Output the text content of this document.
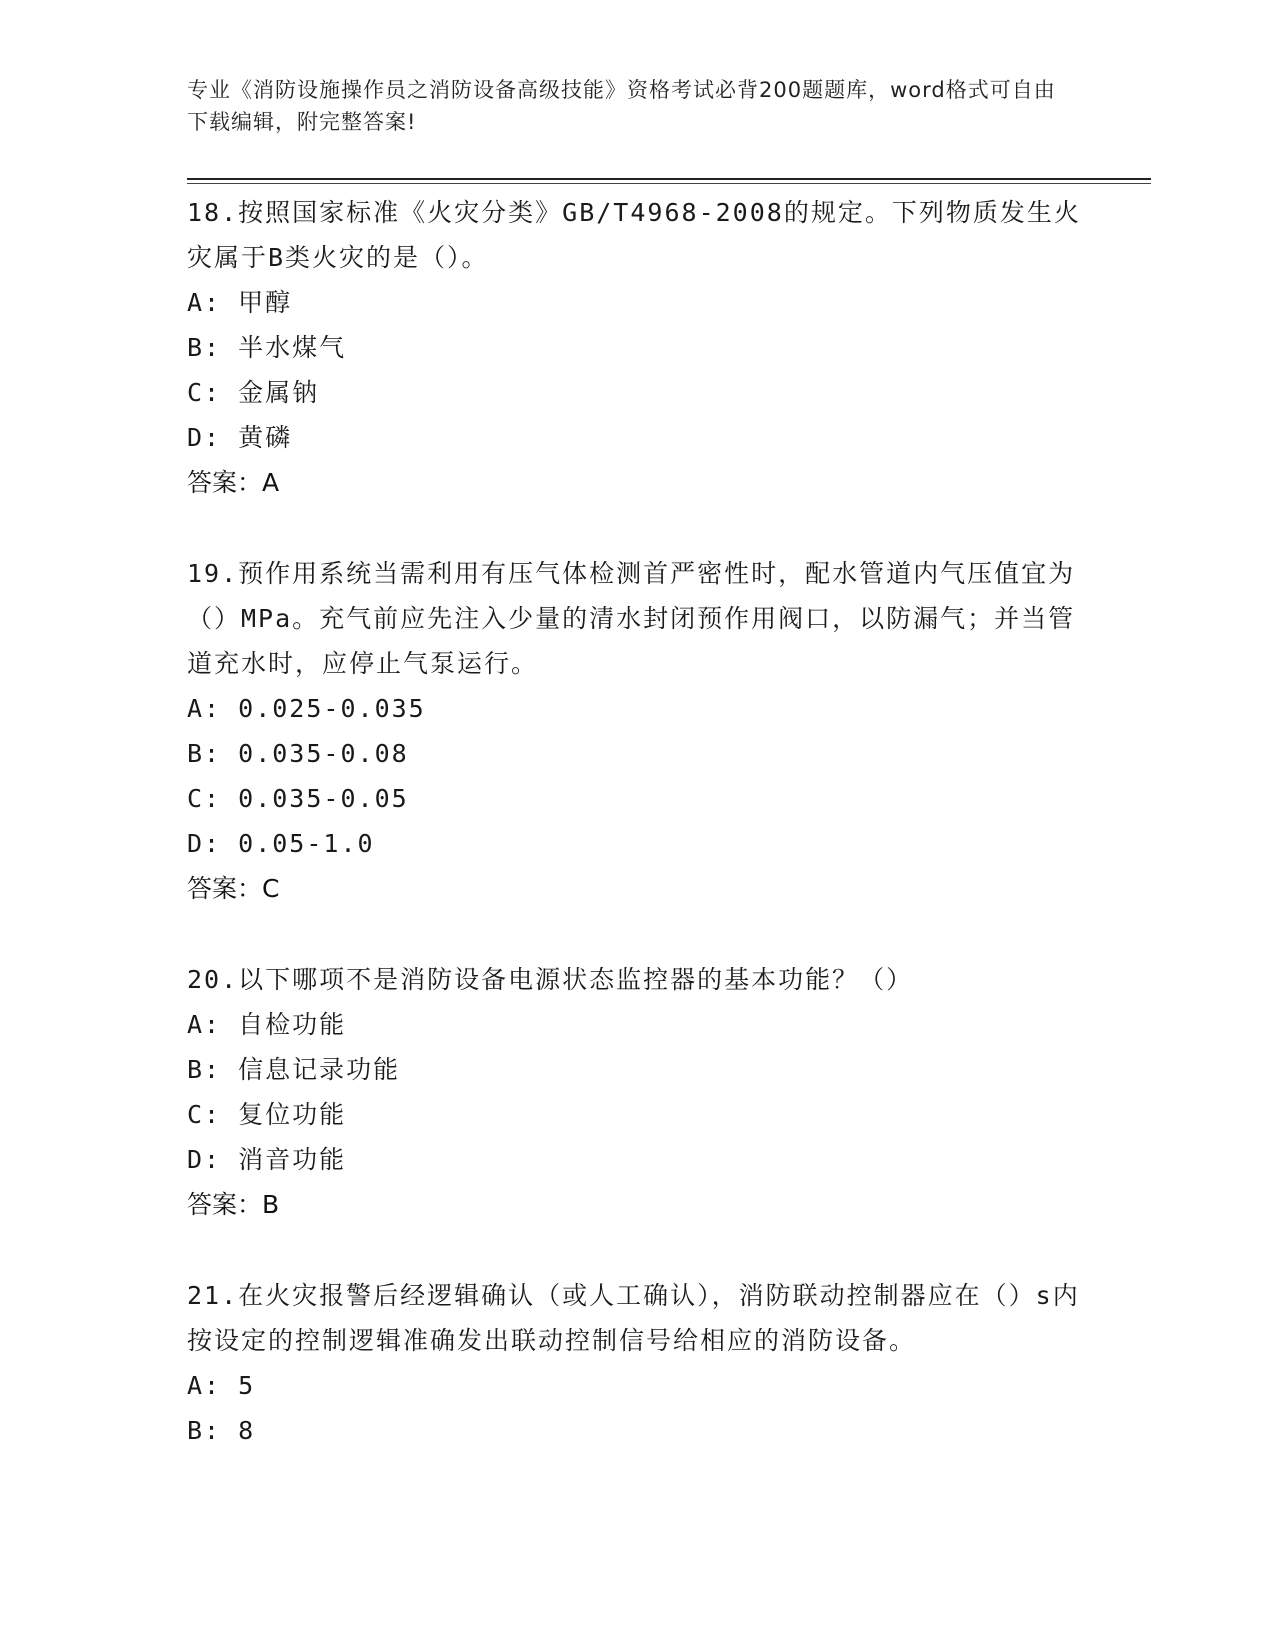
专业《消防设施操作员之消防设备高级技能》资格考试必背200题题库，word格式可自由下载编辑，附完整答案!

18.按照国家标准《火灾分类》GB/T4968-2008的规定。下列物质发生火灾属于B类火灾的是（）。

A: 甲醇

B: 半水煤气

C: 金属钠

D: 黄磷

答案：A

19.预作用系统当需利用有压气体检测首严密性时，配水管道内气压值宜为（）MPa。充气前应先注入少量的清水封闭预作用阀口，以防漏气；并当管道充水时，应停止气泵运行。

A: 0.025-0.035

B: 0.035-0.08

C: 0.035-0.05

D: 0.05-1.0

答案：C

20.以下哪项不是消防设备电源状态监控器的基本功能？（）

A: 自检功能

B: 信息记录功能

C: 复位功能

D: 消音功能

答案：B

21.在火灾报警后经逻辑确认（或人工确认），消防联动控制器应在（）s内按设定的控制逻辑准确发出联动控制信号给相应的消防设备。

A: 5

B: 8
